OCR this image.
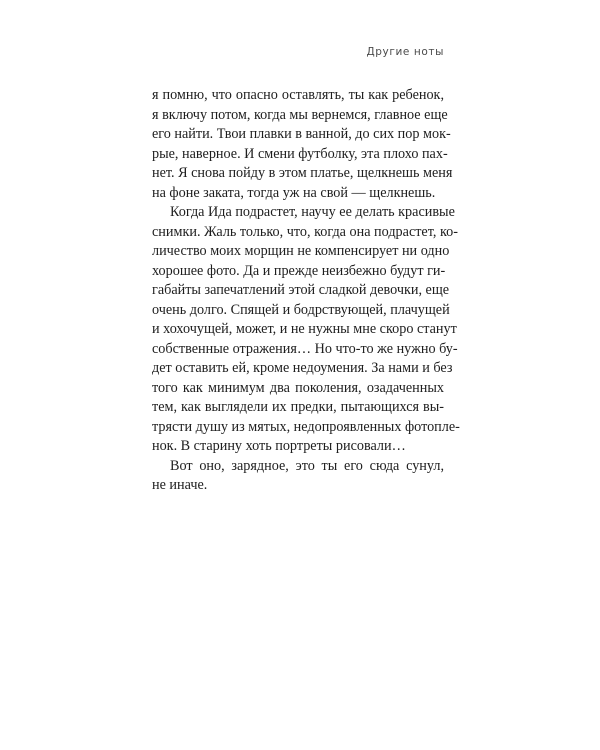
Другие ноты
я помню, что опасно оставлять, ты как ребенок,
я включу потом, когда мы вернемся, главное еще
его найти. Твои плавки в ванной, до сих пор мок-
рые, наверное. И смени футболку, эта плохо пах-
нет. Я снова пойду в этом платье, щелкнешь меня
на фоне заката, тогда уж на свой — щелкнешь.
Когда Ида подрастет, научу ее делать красивые
снимки. Жаль только, что, когда она подрастет, ко-
личество моих морщин не компенсирует ни одно
хорошее фото. Да и прежде неизбежно будут ги-
габайты запечатлений этой сладкой девочки, еще
очень долго. Спящей и бодрствующей, плачущей
и хохочущей, может, и не нужны мне скоро станут
собственные отражения… Но что-то же нужно бу-
дет оставить ей, кроме недоумения. За нами и без
того как минимум два поколения, озадаченных
тем, как выглядели их предки, пытающихся вы-
трясти душу из мятых, недопроявленных фотопле-
нок. В старину хоть портреты рисовали…
Вот оно, зарядное, это ты его сюда сунул,
не иначе.
